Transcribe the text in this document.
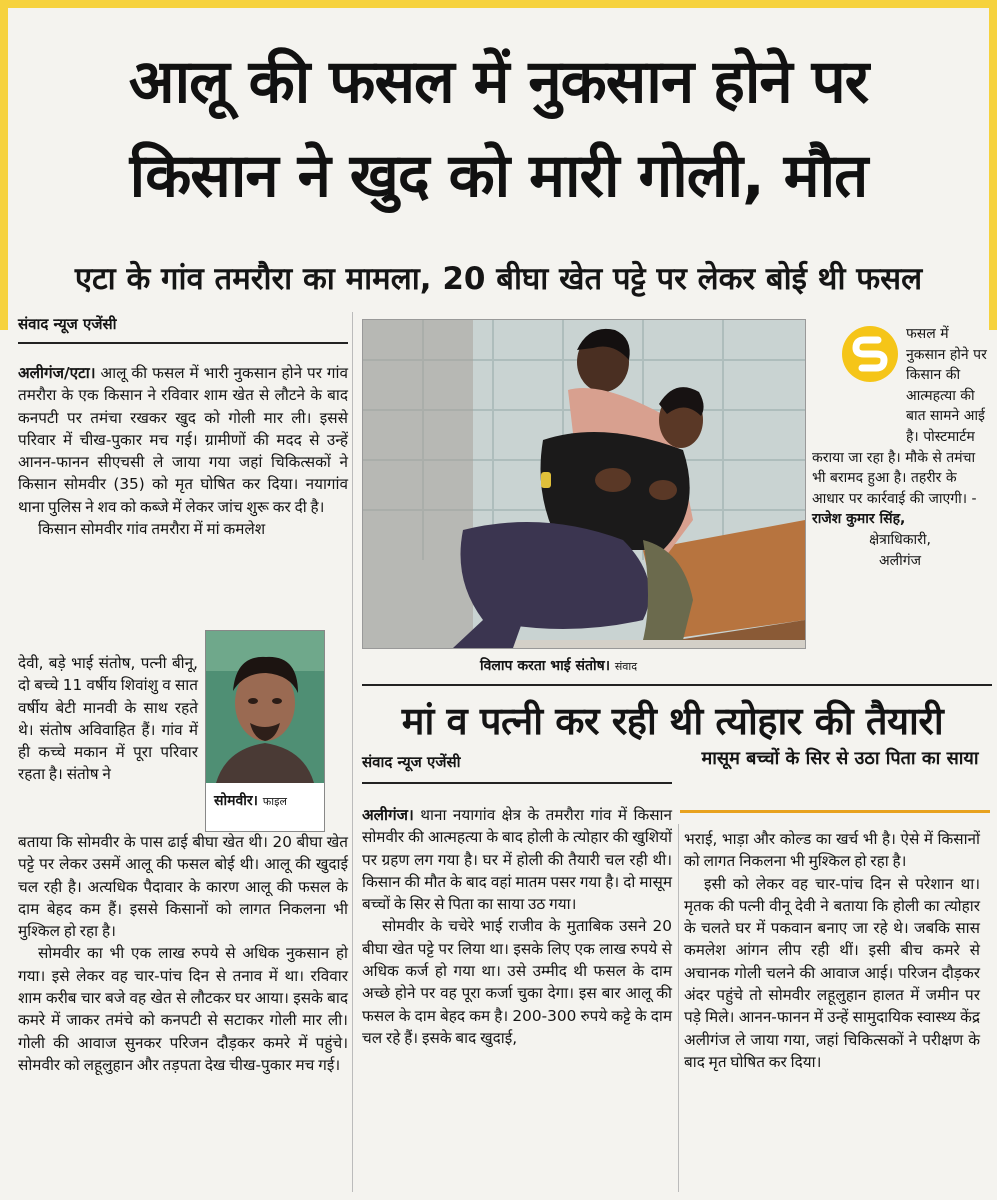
आलू की फसल में नुकसान होने पर
किसान ने खुद को मारी गोली, मौत
एटा के गांव तमरौरा का मामला, 20 बीघा खेत पट्टे पर लेकर बोई थी फसल
संवाद न्यूज एजेंसी

अलीगंज/एटा। आलू की फसल में भारी नुकसान होने पर गांव तमरौरा के एक किसान ने रविवार शाम खेत से लौटने के बाद कनपटी पर तमंचा रखकर खुद को गोली मार ली। इससे परिवार में चीख-पुकार मच गई। ग्रामीणों की मदद से उन्हें आनन-फानन सीएचसी ले जाया गया जहां चिकित्सकों ने किसान सोमवीर (35) को मृत घोषित कर दिया। नयागांव थाना पुलिस ने शव को कब्जे में लेकर जांच शुरू कर दी है।

किसान सोमवीर गांव तमरौरा में मां कमलेश

देवी, बड़े भाई संतोष, पत्नी बीनू, दो बच्चे 11 वर्षीय शिवांशु व सात वर्षीय बेटी मानवी के साथ रहते थे। संतोष अविवाहित हैं। गांव में ही कच्चे मकान में पूरा परिवार रहता है। संतोष ने

बताया कि सोमवीर के पास ढाई बीघा खेत थी। 20 बीघा खेत पट्टे पर लेकर उसमें आलू की फसल बोई थी। आलू की खुदाई चल रही है। अत्यधिक पैदावार के कारण आलू की फसल के दाम बेहद कम हैं। इससे किसानों को लागत निकलना भी मुश्किल हो रहा है।

सोमवीर का भी एक लाख रुपये से अधिक नुकसान हो गया। इसे लेकर वह चार-पांच दिन से तनाव में था। रविवार शाम करीब चार बजे वह खेत से लौटकर घर आया। इसके बाद कमरे में जाकर तमंचे को कनपटी से सटाकर गोली मार ली। गोली की आवाज सुनकर परिजन दौड़कर कमरे में पहुंचे। सोमवीर को लहूलुहान और तड़पता देख चीख-पुकार मच गई।

सोमवीर। फाइल
विलाप करता भाई संतोष। संवाद
फसल में नुकसान होने पर किसान की आत्महत्या की बात सामने आई है। पोस्टमार्टम कराया जा रहा है। मौके से तमंचा भी बरामद हुआ है। तहरीर के आधार पर कार्रवाई की जाएगी। -
राजेश कुमार सिंह,
क्षेत्राधिकारी,
अलीगंज
मां व पत्नी कर रही थी त्योहार की तैयारी
संवाद न्यूज एजेंसी	मासूम बच्चों के सिर से उठा पिता का साया

अलीगंज। थाना नयागांव क्षेत्र के तमरौरा गांव में किसान सोमवीर की आत्महत्या के बाद होली के त्योहार की खुशियों पर ग्रहण लग गया है। घर में होली की तैयारी चल रही थी। किसान की मौत के बाद वहां मातम पसर गया है। दो मासूम बच्चों के सिर से पिता का साया उठ गया।

सोमवीर के चचेरे भाई राजीव के मुताबिक उसने 20 बीघा खेत पट्टे पर लिया था। इसके लिए एक लाख रुपये से अधिक कर्ज हो गया था। उसे उम्मीद थी फसल के दाम अच्छे होने पर वह पूरा कर्जा चुका देगा। इस बार आलू की फसल के दाम बेहद कम है। 200-300 रुपये कट्टे के दाम चल रहे हैं। इसके बाद खुदाई,

भराई, भाड़ा और कोल्ड का खर्च भी है। ऐसे में किसानों को लागत निकलना भी मुश्किल हो रहा है।

इसी को लेकर वह चार-पांच दिन से परेशान था। मृतक की पत्नी वीनू देवी ने बताया कि होली का त्योहार के चलते घर में पकवान बनाए जा रहे थे। जबकि सास कमलेश आंगन लीप रही थीं। इसी बीच कमरे से अचानक गोली चलने की आवाज आई। परिजन दौड़कर अंदर पहुंचे तो सोमवीर लहूलुहान हालत में जमीन पर पड़े मिले। आनन-फानन में उन्हें सामुदायिक स्वास्थ्य केंद्र अलीगंज ले जाया गया, जहां चिकित्सकों ने परीक्षण के बाद मृत घोषित कर दिया।
